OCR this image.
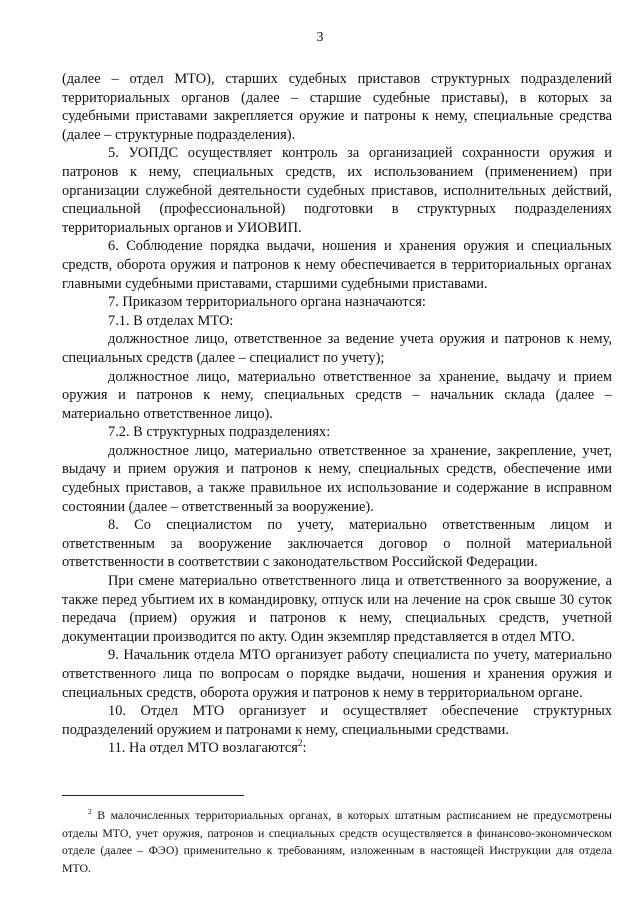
3

(далее – отдел МТО), старших судебных приставов структурных подразделений территориальных органов (далее – старшие судебные приставы), в которых за судебными приставами закрепляется оружие и патроны к нему, специальные средства (далее – структурные подразделения).

5. УОПДС осуществляет контроль за организацией сохранности оружия и патронов к нему, специальных средств, их использованием (применением) при организации служебной деятельности судебных приставов, исполнительных действий, специальной (профессиональной) подготовки в структурных подразделениях территориальных органов и УИОВИП.

6. Соблюдение порядка выдачи, ношения и хранения оружия и специальных средств, оборота оружия и патронов к нему обеспечивается в территориальных органах главными судебными приставами, старшими судебными приставами.

7. Приказом территориального органа назначаются:

7.1. В отделах МТО:

должностное лицо, ответственное за ведение учета оружия и патронов к нему, специальных средств (далее – специалист по учету);

должностное лицо, материально ответственное за хранение, выдачу и прием оружия и патронов к нему, специальных средств – начальник склада (далее – материально ответственное лицо).

7.2. В структурных подразделениях:

должностное лицо, материально ответственное за хранение, закрепление, учет, выдачу и прием оружия и патронов к нему, специальных средств, обеспечение ими судебных приставов, а также правильное их использование и содержание в исправном состоянии (далее – ответственный за вооружение).

8. Со специалистом по учету, материально ответственным лицом и ответственным за вооружение заключается договор о полной материальной ответственности в соответствии с законодательством Российской Федерации.

При смене материально ответственного лица и ответственного за вооружение, а также перед убытием их в командировку, отпуск или на лечение на срок свыше 30 суток передача (прием) оружия и патронов к нему, специальных средств, учетной документации производится по акту. Один экземпляр представляется в отдел МТО.

9. Начальник отдела МТО организует работу специалиста по учету, материально ответственного лица по вопросам о порядке выдачи, ношения и хранения оружия и специальных средств, оборота оружия и патронов к нему в территориальном органе.

10. Отдел МТО организует и осуществляет обеспечение структурных подразделений оружием и патронами к нему, специальными средствами.

11. На отдел МТО возлагаются$^2$:

$^2$ В малочисленных территориальных органах, в которых штатным расписанием не предусмотрены отделы МТО, учет оружия, патронов и специальных средств осуществляется в финансово-экономическом отделе (далее – ФЭО) применительно к требованиям, изложенным в настоящей Инструкции для отдела МТО.
